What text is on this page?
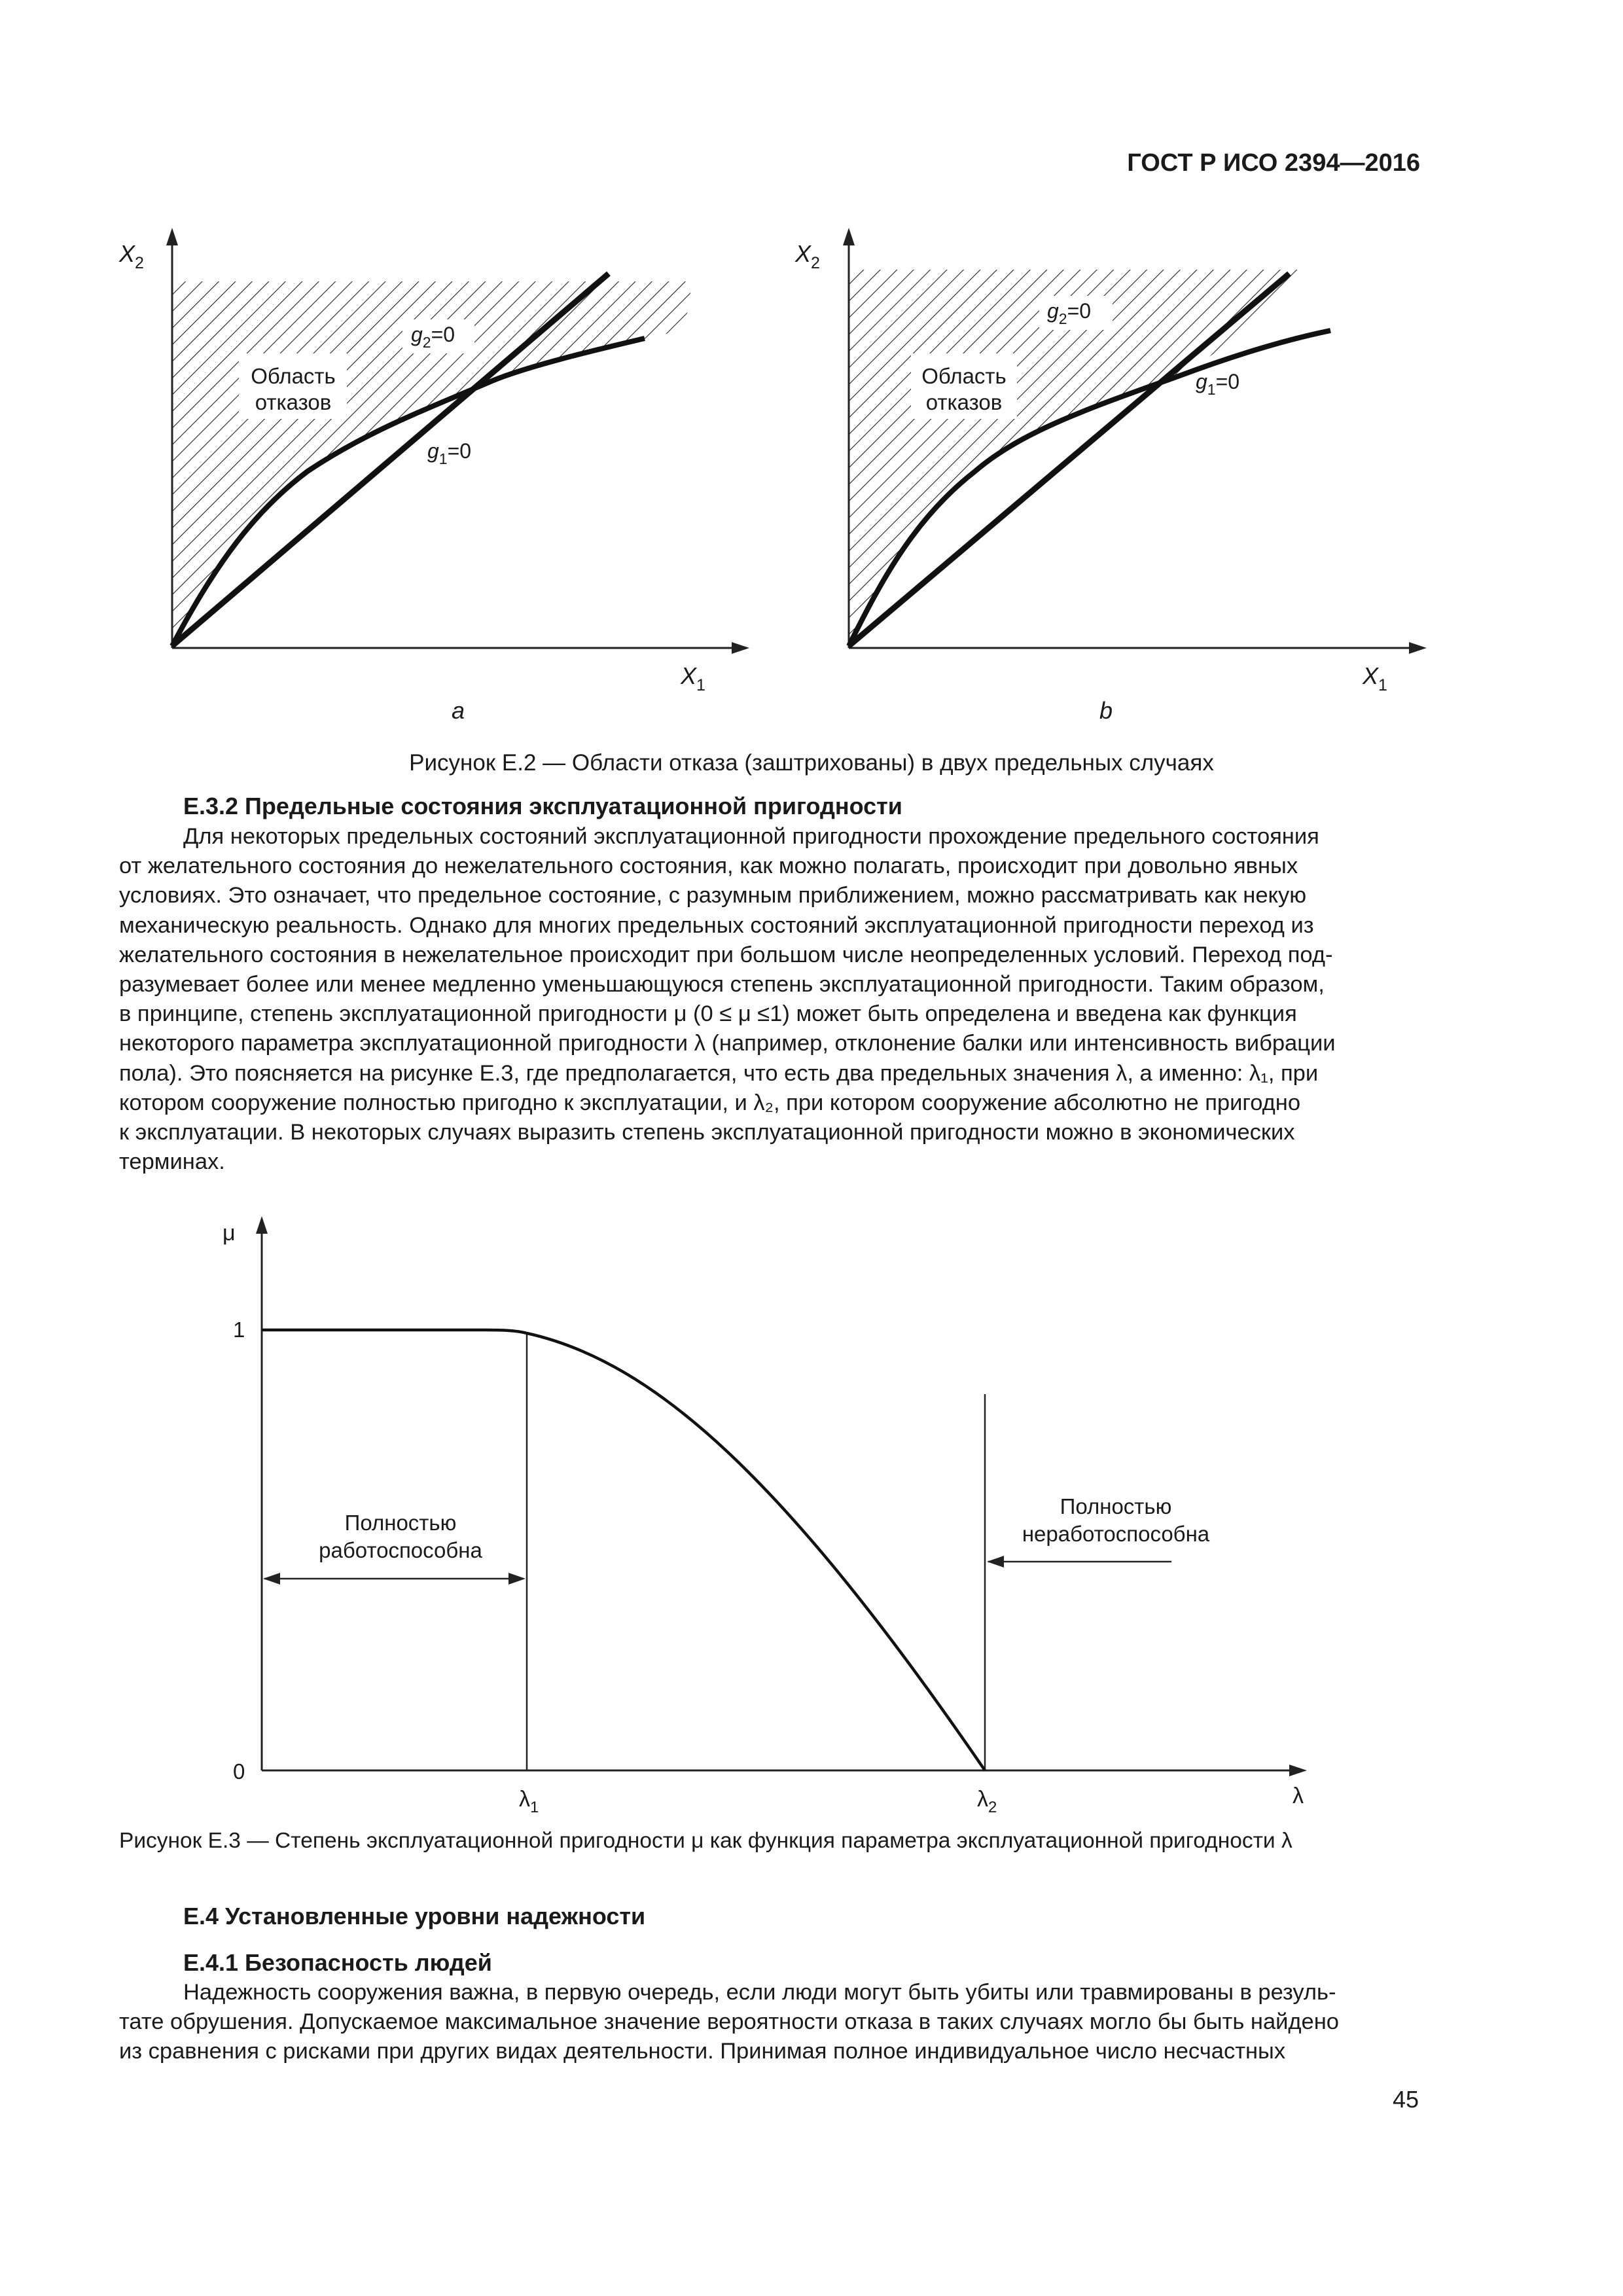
ГОСТ Р ИСО 2394—2016
$X_2$
$X_1$
Область
отказов
$g_2=0$
$g_1=0$
a
$X_2$
$X_1$
Область
отказов
$g_2=0$
$g_1=0$
b
Рисунок E.2 — Области отказа (заштрихованы) в двух предельных случаях
E.3.2 Предельные состояния эксплуатационной пригодности
Для некоторых предельных состояний эксплуатационной пригодности прохождение предельного состояния
от желательного состояния до нежелательного состояния, как можно полагать, происходит при довольно явных
условиях. Это означает, что предельное состояние, с разумным приближением, можно рассматривать как некую
механическую реальность. Однако для многих предельных состояний эксплуатационной пригодности переход из
желательного состояния в нежелательное происходит при большом числе неопределенных условий. Переход под-
разумевает более или менее медленно уменьшающуюся степень эксплуатационной пригодности. Таким образом,
в принципе, степень эксплуатационной пригодности μ (0 ≤ μ ≤1) может быть определена и введена как функция
некоторого параметра эксплуатационной пригодности λ (например, отклонение балки или интенсивность вибрации
пола). Это поясняется на рисунке E.3, где предполагается, что есть два предельных значения λ, а именно: λ₁, при
котором сооружение полностью пригодно к эксплуатации, и λ₂, при котором сооружение абсолютно не пригодно
к эксплуатации. В некоторых случаях выразить степень эксплуатационной пригодности можно в экономических
терминах.
μ
1
0
$\lambda_1$	$\lambda_2$	λ
Полностью
работоспособна
Полностью
неработоспособна
Рисунок E.3 — Степень эксплуатационной пригодности μ как функция параметра эксплуатационной пригодности λ
E.4 Установленные уровни надежности
E.4.1 Безопасность людей
Надежность сооружения важна, в первую очередь, если люди могут быть убиты или травмированы в резуль-
тате обрушения. Допускаемое максимальное значение вероятности отказа в таких случаях могло бы быть найдено
из сравнения с рисками при других видах деятельности. Принимая полное индивидуальное число несчастных
45
